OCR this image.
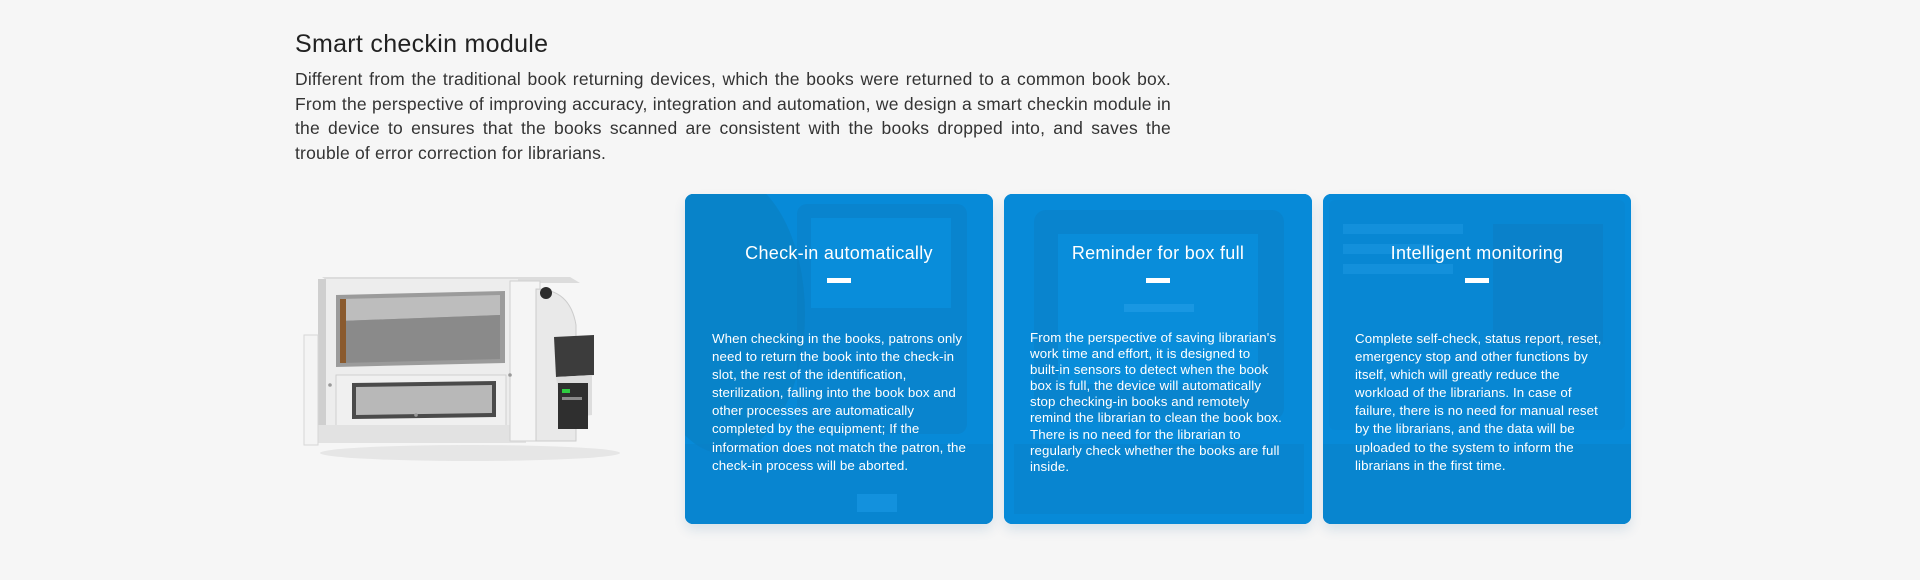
Smart checkin module

Different from the traditional book returning devices, which the books were returned to a common book box. From the perspective of improving accuracy, integration and automation, we design a smart checkin module in the device to ensures that the books scanned are consistent with the books dropped into, and saves the trouble of error correction for librarians.

Check-in automatically

When checking in the books, patrons only need to return the book into the check-in slot, the rest of the identification, sterilization, falling into the book box and other processes are automatically completed by the equipment; If the information does not match the patron, the check-in process will be aborted.

Reminder for box full

From the perspective of saving librarian's work time and effort, it is designed to built-in sensors to detect when the book box is full, the device will automatically stop checking-in books and remotely remind the librarian to clean the book box. There is no need for the librarian to regularly check whether the books are full inside.

Intelligent monitoring

Complete self-check, status report, reset, emergency stop and other functions by itself, which will greatly reduce the workload of the librarians. In case of failure, there is no need for manual reset by the librarians, and the data will be uploaded to the system to inform the librarians in the first time.
